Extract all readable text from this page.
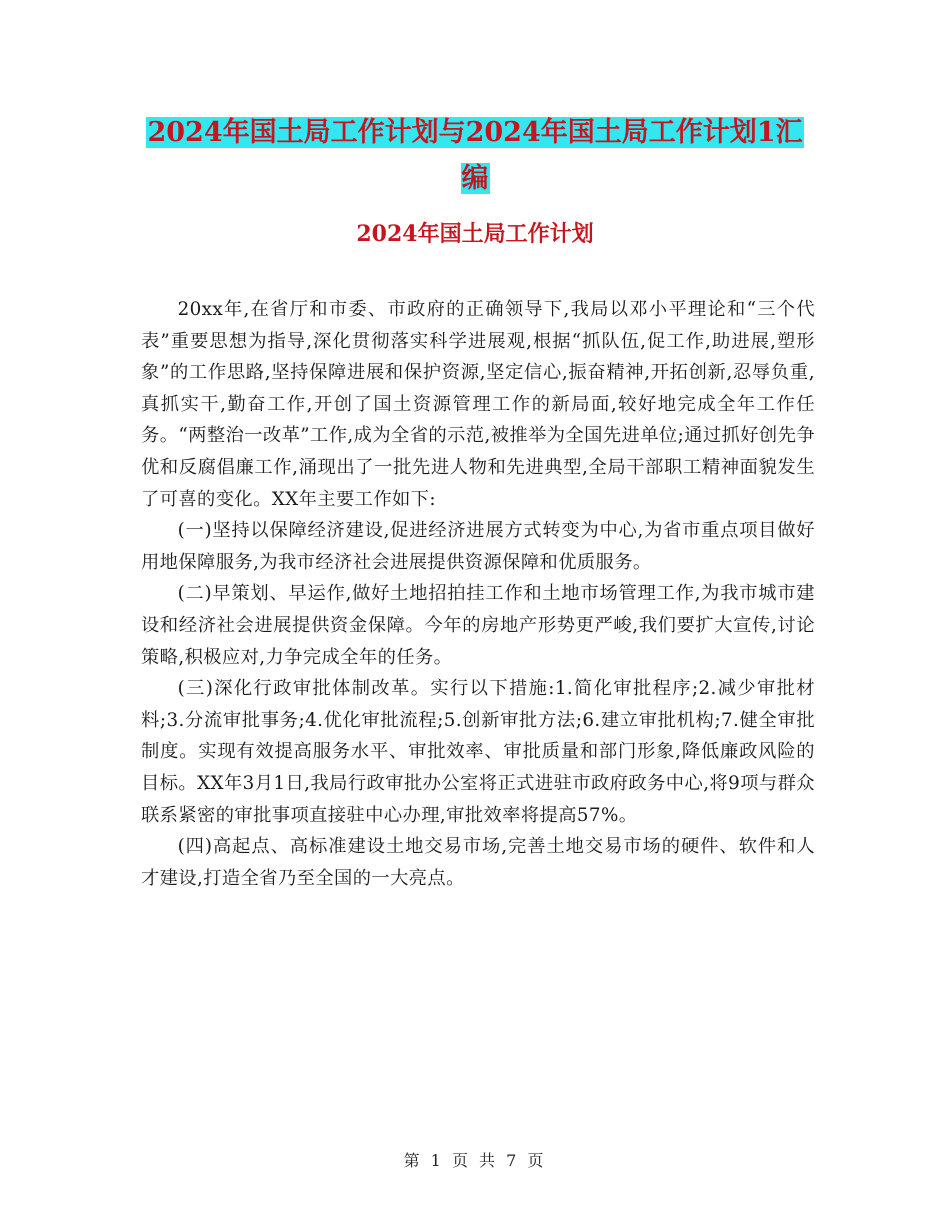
2024年国土局工作计划与2024年国土局工作计划1汇
编
2024年国土局工作计划

20xx年,在省厅和市委、市政府的正确领导下,我局以邓小平理论和“三个代表”重要思想为指导,深化贯彻落实科学进展观,根据“抓队伍,促工作,助进展,塑形象”的工作思路,坚持保障进展和保护资源,坚定信心,振奋精神,开拓创新,忍辱负重,真抓实干,勤奋工作,开创了国土资源管理工作的新局面,较好地完成全年工作任务。“两整治一改革”工作,成为全省的示范,被推举为全国先进单位;通过抓好创先争优和反腐倡廉工作,涌现出了一批先进人物和先进典型,全局干部职工精神面貌发生了可喜的变化。XX年主要工作如下:

(一)坚持以保障经济建设,促进经济进展方式转变为中心,为省市重点项目做好用地保障服务,为我市经济社会进展提供资源保障和优质服务。

(二)早策划、早运作,做好土地招拍挂工作和土地市场管理工作,为我市城市建设和经济社会进展提供资金保障。今年的房地产形势更严峻,我们要扩大宣传,讨论策略,积极应对,力争完成全年的任务。

(三)深化行政审批体制改革。实行以下措施:1.简化审批程序;2.减少审批材料;3.分流审批事务;4.优化审批流程;5.创新审批方法;6.建立审批机构;7.健全审批制度。实现有效提高服务水平、审批效率、审批质量和部门形象,降低廉政风险的目标。XX年3月1日,我局行政审批办公室将正式进驻市政府政务中心,将9项与群众联系紧密的审批事项直接驻中心办理,审批效率将提高57%。

(四)高起点、高标准建设土地交易市场,完善土地交易市场的硬件、软件和人才建设,打造全省乃至全国的一大亮点。

第 1 页 共 7 页
